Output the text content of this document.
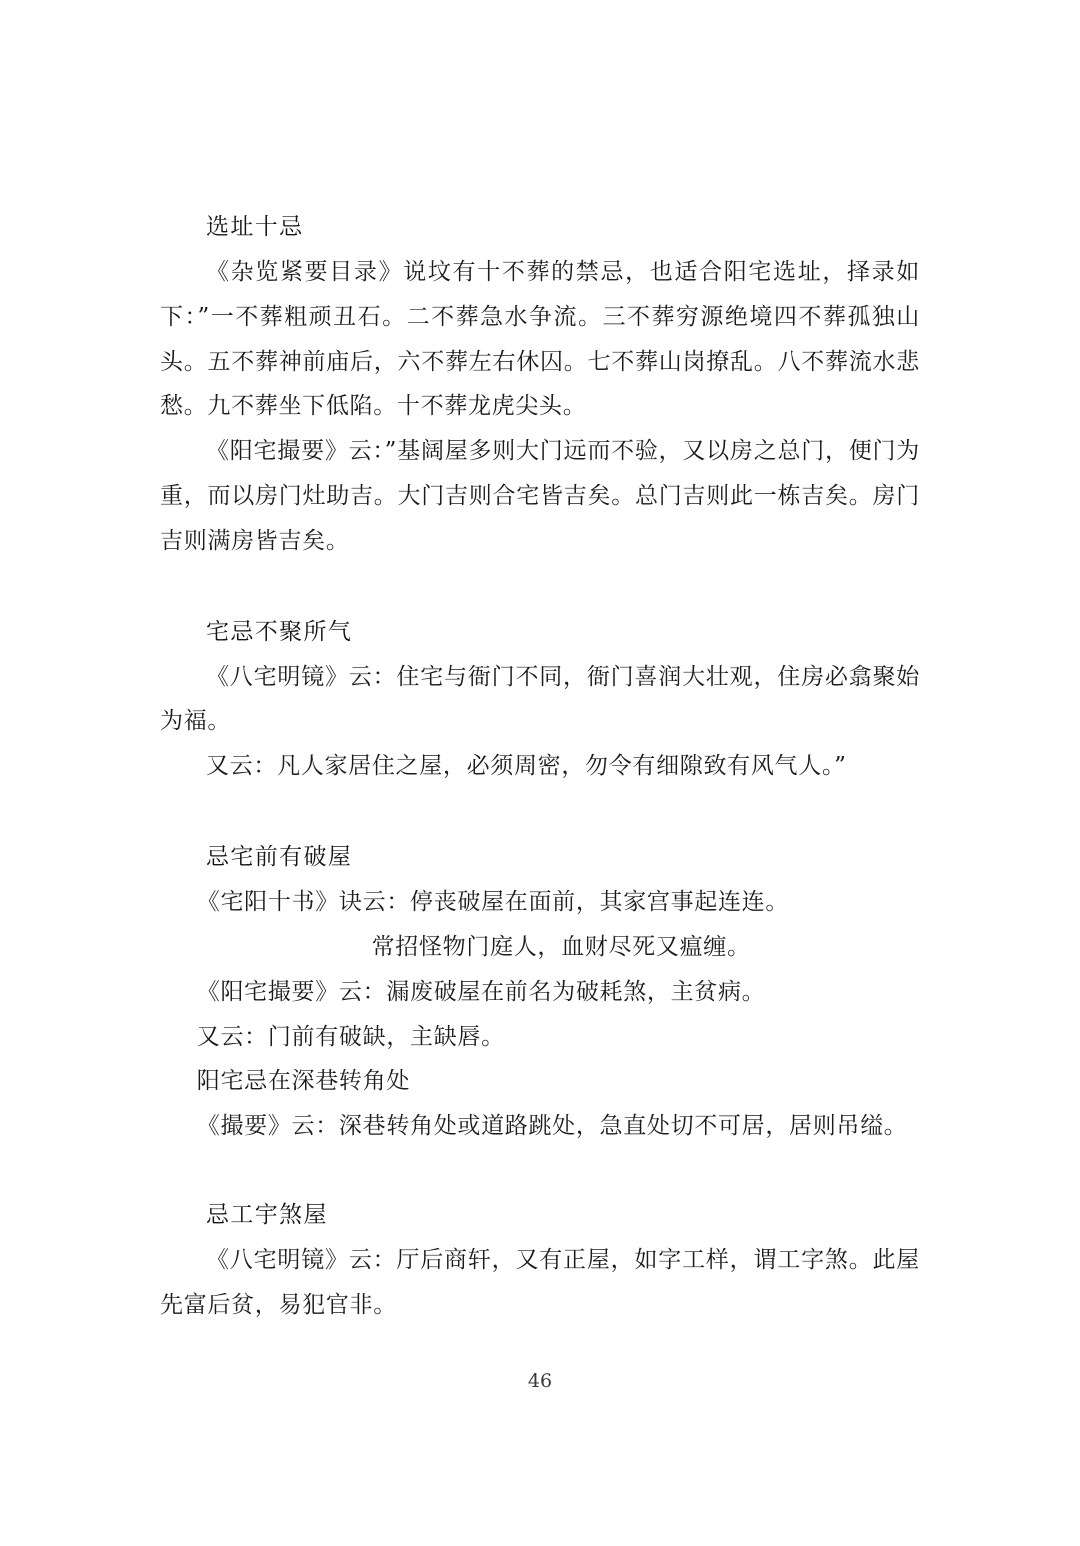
选址十忌

《杂览紧要目录》说坟有十不葬的禁忌，也适合阳宅选址，择录如下：”一不葬粗顽丑石。二不葬急水争流。三不葬穷源绝境四不葬孤独山头。五不葬神前庙后，六不葬左右休囚。七不葬山岗撩乱。八不葬流水悲愁。九不葬坐下低陷。十不葬龙虎尖头。

《阳宅撮要》云：”基阔屋多则大门远而不验，又以房之总门，便门为重，而以房门灶助吉。大门吉则合宅皆吉矣。总门吉则此一栋吉矣。房门吉则满房皆吉矣。

宅忌不聚所气

《八宅明镜》云：住宅与衙门不同，衙门喜润大壮观，住房必翕聚始为福。

又云：凡人家居住之屋，必须周密，勿令有细隙致有风气人。”

忌宅前有破屋

《宅阳十书》诀云：停丧破屋在面前，其家宫事起连连。

常招怪物门庭人，血财尽死又瘟缠。

《阳宅撮要》云：漏废破屋在前名为破耗煞，主贫病。

又云：门前有破缺，主缺唇。

阳宅忌在深巷转角处

《撮要》云：深巷转角处或道路跳处，急直处切不可居，居则吊缢。

忌工宇煞屋

《八宅明镜》云：厅后商轩，又有正屋，如字工样，谓工字煞。此屋先富后贫，易犯官非。

46
